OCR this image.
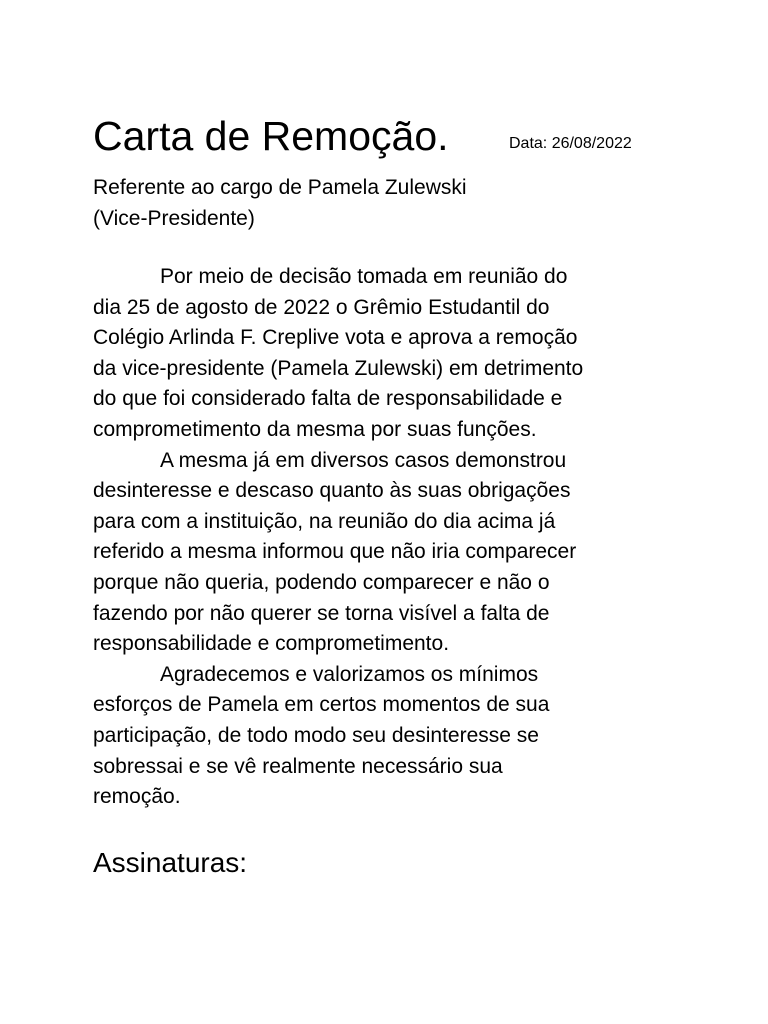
Carta de Remoção.	Data: 26/08/2022
Referente ao cargo de Pamela Zulewski
(Vice-Presidente)
Por meio de decisão tomada em reunião do
dia 25 de agosto de 2022 o Grêmio Estudantil do
Colégio Arlinda F. Creplive vota e aprova a remoção
da vice-presidente (Pamela Zulewski) em detrimento
do que foi considerado falta de responsabilidade e
comprometimento da mesma por suas funções.
A mesma já em diversos casos demonstrou
desinteresse e descaso quanto às suas obrigações
para com a instituição, na reunião do dia acima já
referido a mesma informou que não iria comparecer
porque não queria, podendo comparecer e não o
fazendo por não querer se torna visível a falta de
responsabilidade e comprometimento.
Agradecemos e valorizamos os mínimos
esforços de Pamela em certos momentos de sua
participação, de todo modo seu desinteresse se
sobressai e se vê realmente necessário sua
remoção.
Assinaturas:
